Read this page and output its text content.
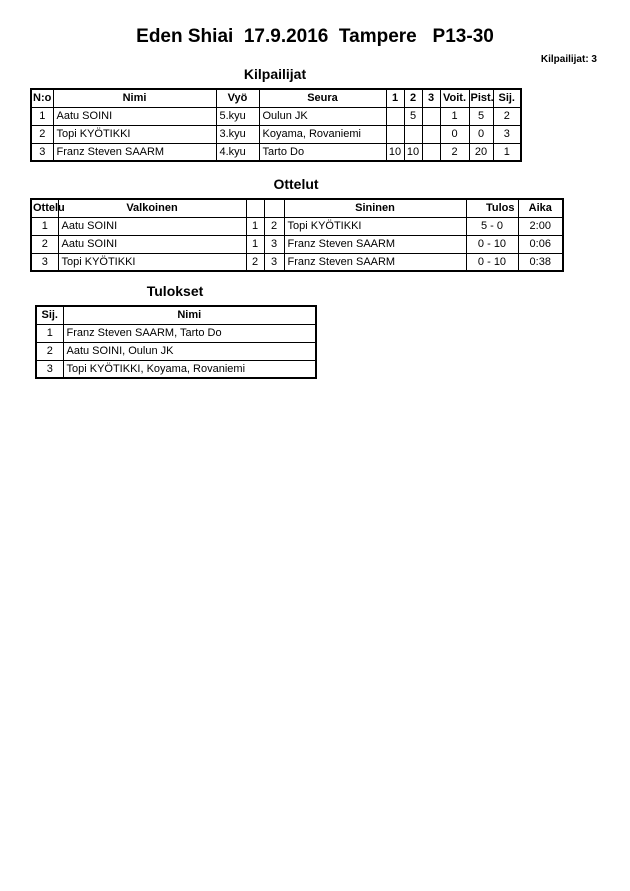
Eden Shiai  17.9.2016  Tampere   P13-30
Kilpailijat: 3
Kilpailijat
N:o	Nimi	Vyö	Seura	1	2	3	Voit.	Pist.	Sij.
1	Aatu SOINI	5.kyu	Oulun JK		5		1	5	2
2	Topi KYÖTIKKI	3.kyu	Koyama, Rovaniemi				0	0	3
3	Franz Steven SAARM	4.kyu	Tarto Do	10	10		2	20	1
Ottelut
Ottelu	Valkoinen			Sininen	Tulos	Aika
1	Aatu SOINI	1	2	Topi KYÖTIKKI	5 - 0	2:00
2	Aatu SOINI	1	3	Franz Steven SAARM	0 - 10	0:06
3	Topi KYÖTIKKI	2	3	Franz Steven SAARM	0 - 10	0:38
Tulokset
Sij.	Nimi
1	Franz Steven SAARM, Tarto Do
2	Aatu SOINI, Oulun JK
3	Topi KYÖTIKKI, Koyama, Rovaniemi
